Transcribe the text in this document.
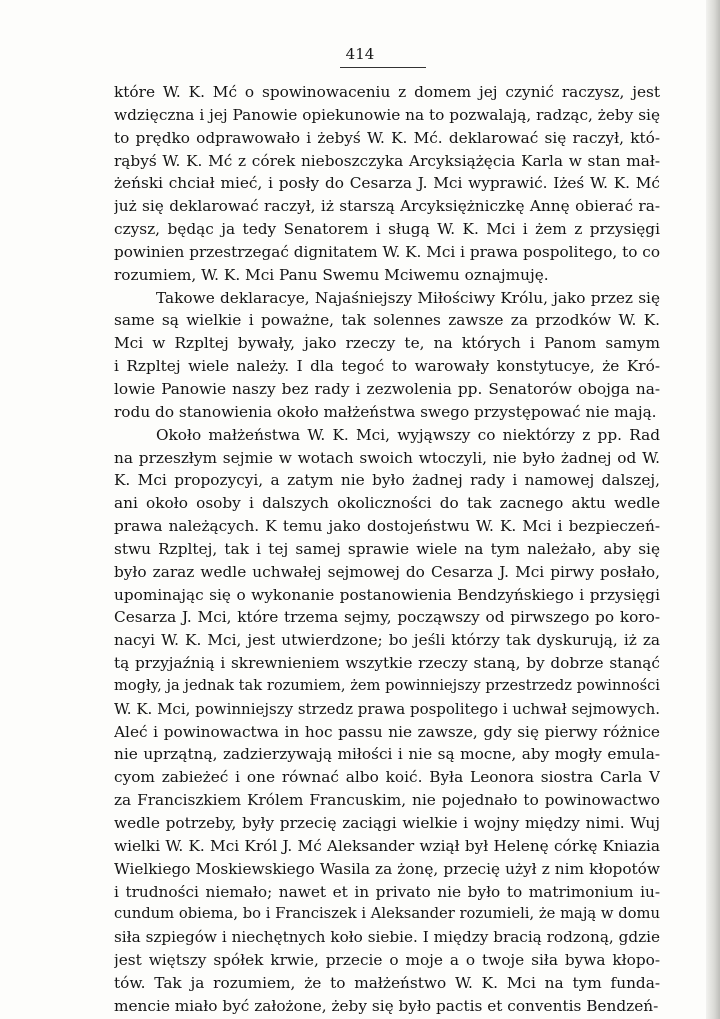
414
które W. K. Mć o spowinowaceniu z domem jej czynić raczysz, jest
wdzięczna i jej Panowie opiekunowie na to pozwalają, radząc, żeby się
to prędko odprawowało i żebyś W. K. Mć. deklarować się raczył, któ-
rąbyś W. K. Mć z córek nieboszczyka Arcyksiążęcia Karla w stan mał-
żeński chciał mieć, i posły do Cesarza J. Mci wyprawić. Iżeś W. K. Mć
już się deklarować raczył, iż starszą Arcyksiężniczkę Annę obierać ra-
czysz, będąc ja tedy Senatorem i sługą W. K. Mci i żem z przysięgi
powinien przestrzegać dignitatem W. K. Mci i prawa pospolitego, to co
rozumiem, W. K. Mci Panu Swemu Mciwemu oznajmuję.
Takowe deklaracye, Najaśniejszy Miłościwy Królu, jako przez się
same są wielkie i poważne, tak solennes zawsze za przodków W. K.
Mci w Rzpltej bywały, jako rzeczy te, na których i Panom samym
i Rzpltej wiele należy. I dla tegoć to warowały konstytucye, że Kró-
lowie Panowie naszy bez rady i zezwolenia pp. Senatorów obojga na-
rodu do stanowienia około małżeństwa swego przystępować nie mają.
Około małżeństwa W. K. Mci, wyjąwszy co niektórzy z pp. Rad
na przeszłym sejmie w wotach swoich wtoczyli, nie było żadnej od W.
K. Mci propozycyi, a zatym nie było żadnej rady i namowej dalszej,
ani około osoby i dalszych okoliczności do tak zacnego aktu wedle
prawa należących. K temu jako dostojeństwu W. K. Mci i bezpieczeń-
stwu Rzpltej, tak i tej samej sprawie wiele na tym należało, aby się
było zaraz wedle uchwałej sejmowej do Cesarza J. Mci pirwy posłało,
upominając się o wykonanie postanowienia Bendzyńskiego i przysięgi
Cesarza J. Mci, które trzema sejmy, począwszy od pirwszego po koro-
nacyi W. K. Mci, jest utwierdzone; bo jeśli którzy tak dyskurują, iż za
tą przyjaźnią i skrewnieniem wszytkie rzeczy staną, by dobrze stanąć
mogły, ja jednak tak rozumiem, żem powinniejszy przestrzedz powinności
W. K. Mci, powinniejszy strzedz prawa pospolitego i uchwał sejmowych.
Aleć i powinowactwa in hoc passu nie zawsze, gdy się pierwy różnice
nie uprzątną, zadzierzywają miłości i nie są mocne, aby mogły emula-
cyom zabieżeć i one równać albo koić. Była Leonora siostra Carla V
za Franciszkiem Królem Francuskim, nie pojednało to powinowactwo
wedle potrzeby, były przecię zaciągi wielkie i wojny między nimi. Wuj
wielki W. K. Mci Król J. Mć Aleksander wziął był Helenę córkę Kniazia
Wielkiego Moskiewskiego Wasila za żonę, przecię użył z nim kłopotów
i trudności niemało; nawet et in privato nie było to matrimonium iu-
cundum obiema, bo i Franciszek i Aleksander rozumieli, że mają w domu
siła szpiegów i niechętnych koło siebie. I między bracią rodzoną, gdzie
jest więtszy spółek krwie, przecie o moje a o twoje siła bywa kłopo-
tów. Tak ja rozumiem, że to małżeństwo W. K. Mci na tym funda-
mencie miało być założone, żeby się było pactis et conventis Bendzeń-
